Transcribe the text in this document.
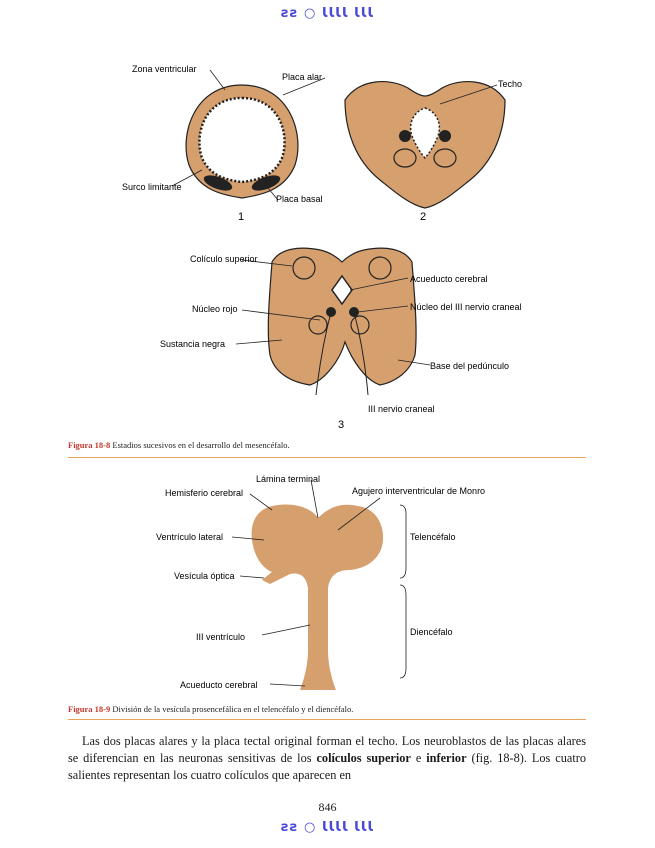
ꙅꙅ ○ ꙆꙆꙆꙆ ꙆꙆꙆ
Zona ventricular
Placa alar
Surco limitante
Placa basal
1
Techo
2
Colículo superior
Acueducto cerebral
Núcleo rojo	Núcleo del III nervio craneal
Sustancia negra
Base del pedúnculo
III nervio craneal
3
Figura 18-8 Estadios sucesivos en el desarrollo del mesencéfalo.
Lámina terminal
Hemisferio cerebral	Agujero interventricular de Monro
Ventrículo lateral	Telencéfalo
Vesícula óptica
Diencéfalo
III ventrículo
Acueducto cerebral
Figura 18-9 División de la vesícula prosencefálica en el telencéfalo y el diencéfalo.

Las dos placas alares y la placa tectal original forman el techo. Los neuroblastos de las placas alares se diferencian en las neuronas sensitivas de los colículos superior e inferior (fig. 18-8). Los cuatro salientes representan los cuatro colículos que aparecen en

846
ꙅꙅ ○ ꙆꙆꙆꙆ ꙆꙆꙆ
